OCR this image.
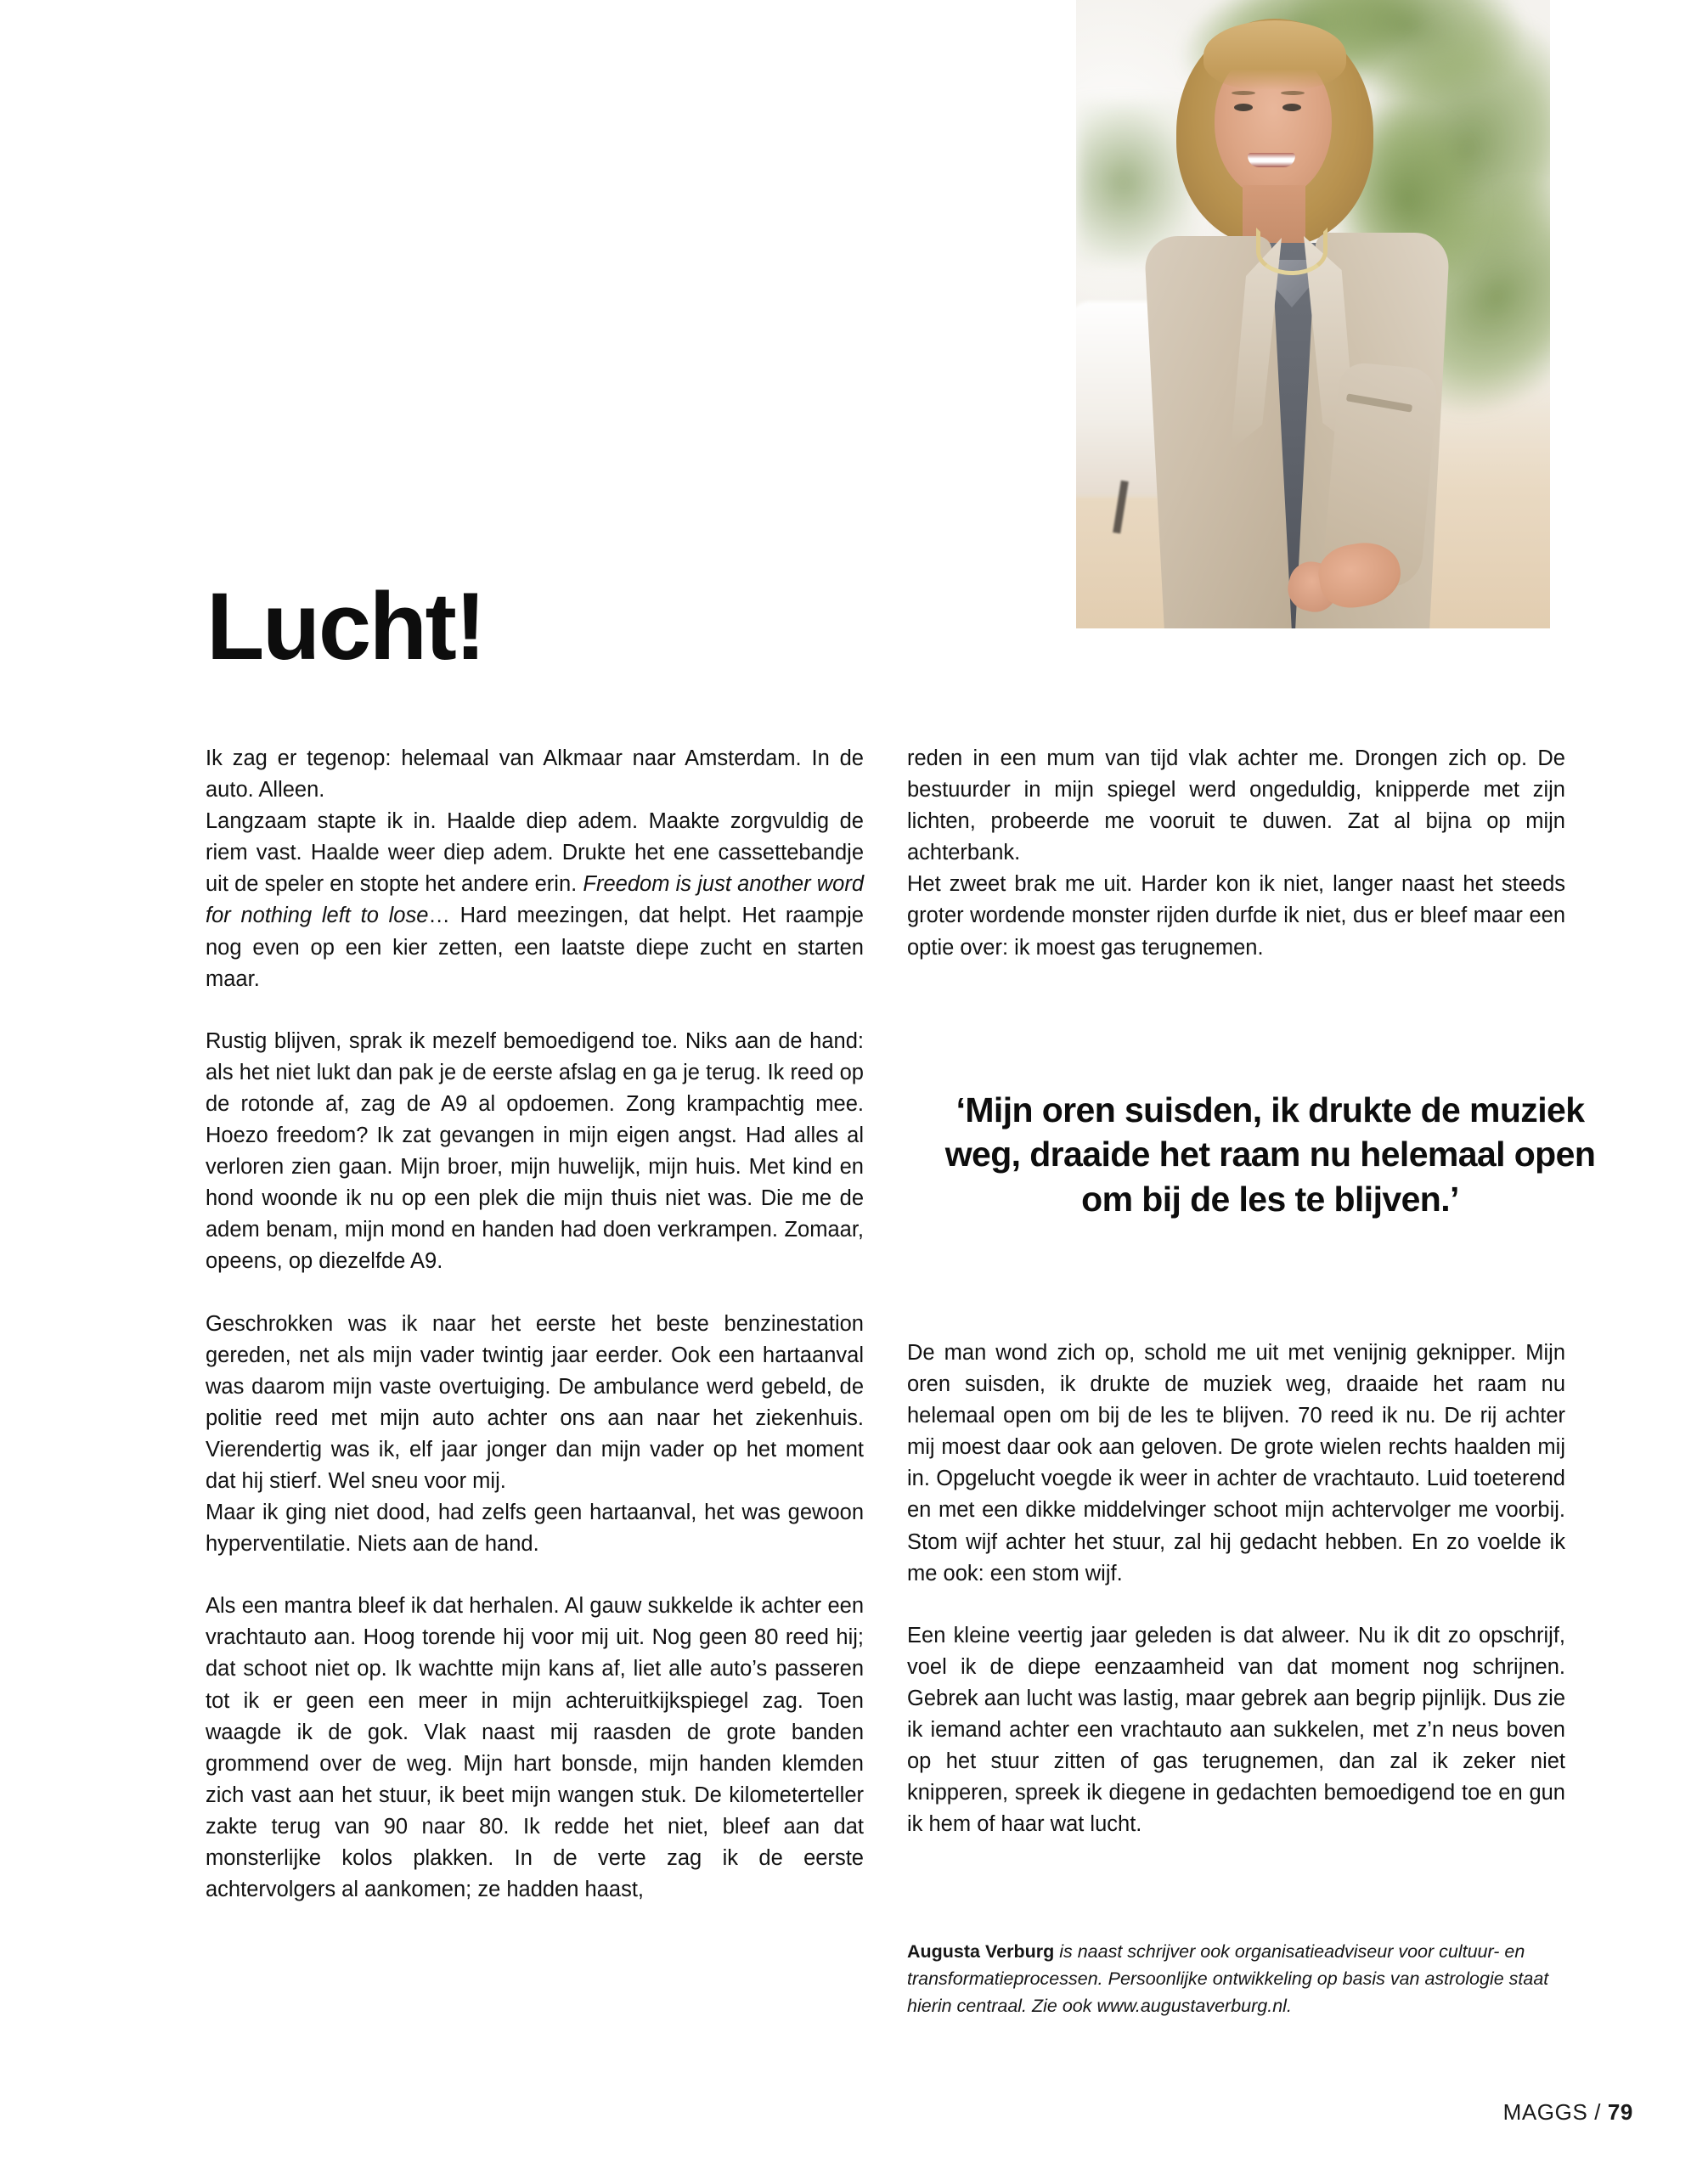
Lucht!

Ik zag er tegenop: helemaal van Alkmaar naar Amsterdam. In de auto. Alleen.

Langzaam stapte ik in. Haalde diep adem. Maakte zorgvuldig de riem vast. Haalde weer diep adem. Drukte het ene cassettebandje uit de speler en stopte het andere erin. Freedom is just another word for nothing left to lose… Hard meezingen, dat helpt. Het raampje nog even op een kier zetten, een laatste diepe zucht en starten maar.

Rustig blijven, sprak ik mezelf bemoedigend toe. Niks aan de hand: als het niet lukt dan pak je de eerste afslag en ga je terug. Ik reed op de rotonde af, zag de A9 al opdoemen. Zong krampachtig mee. Hoezo freedom? Ik zat gevangen in mijn eigen angst. Had alles al verloren zien gaan. Mijn broer, mijn huwelijk, mijn huis. Met kind en hond woonde ik nu op een plek die mijn thuis niet was. Die me de adem benam, mijn mond en handen had doen verkrampen. Zomaar, opeens, op diezelfde A9.

Geschrokken was ik naar het eerste het beste benzinestation gereden, net als mijn vader twintig jaar eerder. Ook een hartaanval was daarom mijn vaste overtuiging. De ambulance werd gebeld, de politie reed met mijn auto achter ons aan naar het ziekenhuis. Vierendertig was ik, elf jaar jonger dan mijn vader op het moment dat hij stierf. Wel sneu voor mij.

Maar ik ging niet dood, had zelfs geen hartaanval, het was gewoon hyperventilatie. Niets aan de hand.

Als een mantra bleef ik dat herhalen. Al gauw sukkelde ik achter een vrachtauto aan. Hoog torende hij voor mij uit. Nog geen 80 reed hij; dat schoot niet op. Ik wachtte mijn kans af, liet alle auto’s passeren tot ik er geen een meer in mijn achteruitkijkspiegel zag. Toen waagde ik de gok. Vlak naast mij raasden de grote banden grommend over de weg. Mijn hart bonsde, mijn handen klemden zich vast aan het stuur, ik beet mijn wangen stuk. De kilometerteller zakte terug van 90 naar 80. Ik redde het niet, bleef aan dat monsterlijke kolos plakken. In de verte zag ik de eerste achtervolgers al aankomen; ze hadden haast,

reden in een mum van tijd vlak achter me. Drongen zich op. De bestuurder in mijn spiegel werd ongeduldig, knipperde met zijn lichten, probeerde me vooruit te duwen. Zat al bijna op mijn achterbank.

Het zweet brak me uit. Harder kon ik niet, langer naast het steeds groter wordende monster rijden durfde ik niet, dus er bleef maar een optie over: ik moest gas terugnemen.

‘Mijn oren suisden, ik drukte de muziek weg, draaide het raam nu helemaal open om bij de les te blijven.’

De man wond zich op, schold me uit met venijnig geknipper. Mijn oren suisden, ik drukte de muziek weg, draaide het raam nu helemaal open om bij de les te blijven. 70 reed ik nu. De rij achter mij moest daar ook aan geloven. De grote wielen rechts haalden mij in. Opgelucht voegde ik weer in achter de vrachtauto. Luid toeterend en met een dikke middelvinger schoot mijn achtervolger me voorbij. Stom wijf achter het stuur, zal hij gedacht hebben. En zo voelde ik me ook: een stom wijf.

Een kleine veertig jaar geleden is dat alweer. Nu ik dit zo opschrijf, voel ik de diepe eenzaamheid van dat moment nog schrijnen. Gebrek aan lucht was lastig, maar gebrek aan begrip pijnlijk. Dus zie ik iemand achter een vrachtauto aan sukkelen, met z’n neus boven op het stuur zitten of gas terugnemen, dan zal ik zeker niet knipperen, spreek ik diegene in gedachten bemoedigend toe en gun ik hem of haar wat lucht.

Augusta Verburg is naast schrijver ook organisatieadviseur voor cultuur- en transformatieprocessen. Persoonlijke ontwikkeling op basis van astrologie staat hierin centraal. Zie ook www.augustaverburg.nl.

MAGGS / 79
